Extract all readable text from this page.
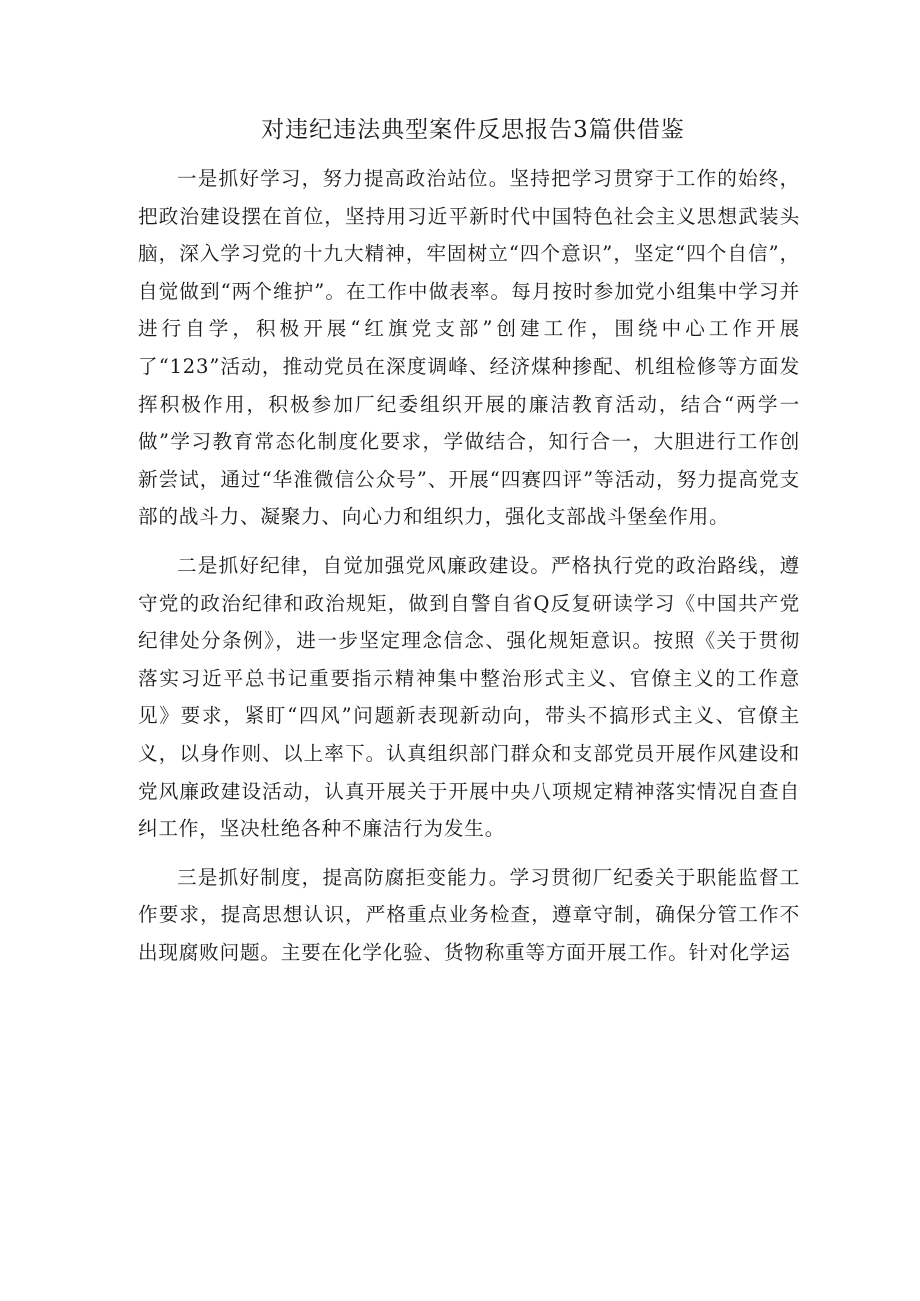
对违纪违法典型案件反思报告3篇供借鉴

一是抓好学习，努力提高政治站位。坚持把学习贯穿于工作的始终，把政治建设摆在首位，坚持用习近平新时代中国特色社会主义思想武装头脑，深入学习党的十九大精神，牢固树立“四个意识”，坚定“四个自信”，自觉做到“两个维护”。在工作中做表率。每月按时参加党小组集中学习并进行自学，积极开展“红旗党支部”创建工作，围绕中心工作开展了“123”活动，推动党员在深度调峰、经济煤种掺配、机组检修等方面发挥积极作用，积极参加厂纪委组织开展的廉洁教育活动，结合“两学一做”学习教育常态化制度化要求，学做结合，知行合一，大胆进行工作创新尝试，通过“华淮微信公众号”、开展“四赛四评”等活动，努力提高党支部的战斗力、凝聚力、向心力和组织力，强化支部战斗堡垒作用。

二是抓好纪律，自觉加强党风廉政建设。严格执行党的政治路线，遵守党的政治纪律和政治规矩，做到自警自省Q反复研读学习《中国共产党纪律处分条例》，进一步坚定理念信念、强化规矩意识。按照《关于贯彻落实习近平总书记重要指示精神集中整治形式主义、官僚主义的工作意见》要求，紧盯“四风”问题新表现新动向，带头不搞形式主义、官僚主义，以身作则、以上率下。认真组织部门群众和支部党员开展作风建设和党风廉政建设活动，认真开展关于开展中央八项规定精神落实情况自查自纠工作，坚决杜绝各种不廉洁行为发生。

三是抓好制度，提高防腐拒变能力。学习贯彻厂纪委关于职能监督工作要求，提高思想认识，严格重点业务检查，遵章守制，确保分管工作不出现腐败问题。主要在化学化验、货物称重等方面开展工作。针对化学运
